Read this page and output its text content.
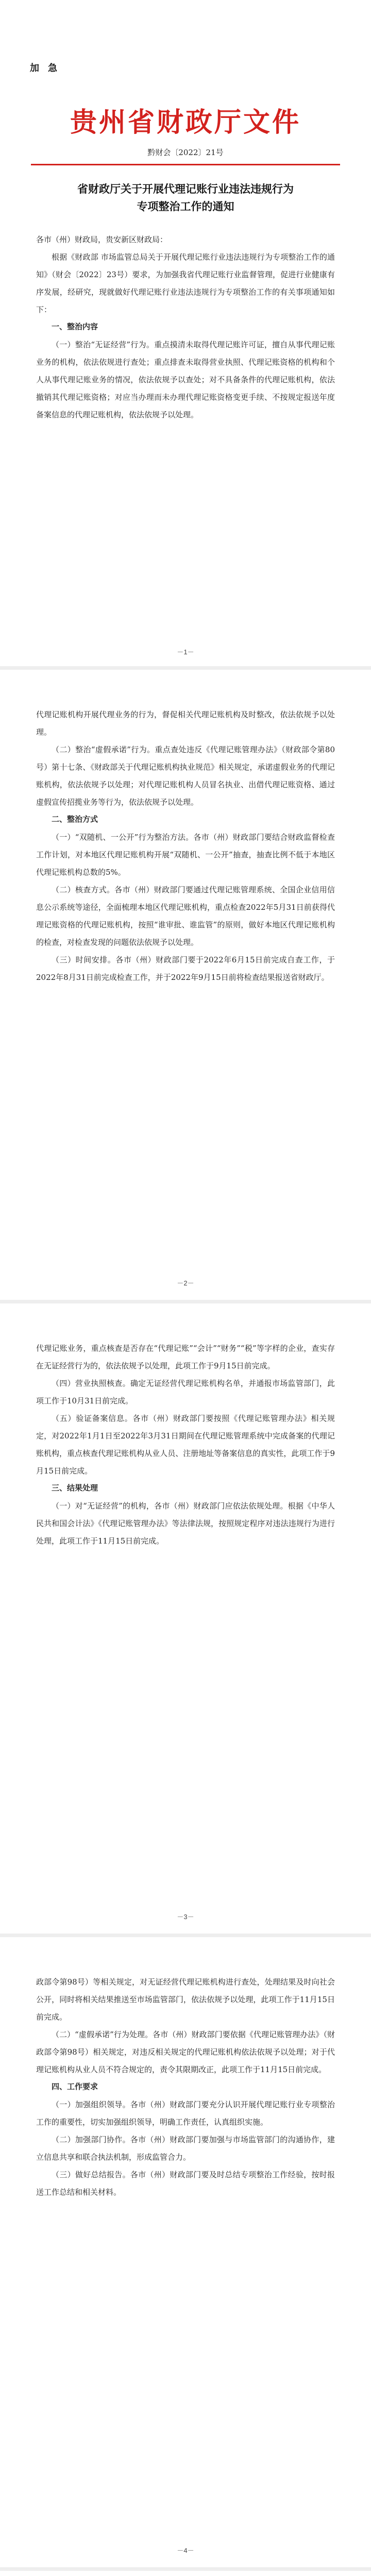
加 急
贵州省财政厅文件
黔财会〔2022〕21号
省财政厅关于开展代理记账行业违法违规行为
专项整治工作的通知

各市（州）财政局，贵安新区财政局：

根据《财政部 市场监管总局关于开展代理记账行业违法违规行为专项整治工作的通知》（财会〔2022〕23号）要求，为加强我省代理记账行业监督管理，促进行业健康有序发展，经研究，现就做好代理记账行业违法违规行为专项整治工作的有关事项通知如下：

一、整治内容

（一）整治“无证经营”行为。重点摸清未取得代理记账许可证，擅自从事代理记账业务的机构，依法依规进行查处；重点排查未取得营业执照、代理记账资格的机构和个人从事代理记账业务的情况，依法依规予以查处；对不具备条件的代理记账机构，依法撤销其代理记账资格；对应当办理而未办理代理记账资格变更手续、不按规定报送年度备案信息的代理记账机构，依法依规予以处理。

－1－

代理记账机构开展代理业务的行为，督促相关代理记账机构及时整改，依法依规予以处理。

（二）整治“虚假承诺”行为。重点查处违反《代理记账管理办法》（财政部令第80号）第十七条、《财政部关于代理记账机构执业规范》相关规定，承诺虚假业务的代理记账机构，依法依规予以处理；对代理记账机构人员冒名执业、出借代理记账资格、通过虚假宣传招揽业务等行为，依法依规予以处理。

二、整治方式

（一）“双随机、一公开”行为整治方法。各市（州）财政部门要结合财政监督检查工作计划，对本地区代理记账机构开展“双随机、一公开”抽查，抽查比例不低于本地区代理记账机构总数的5%。

（二）核查方式。各市（州）财政部门要通过代理记账管理系统、全国企业信用信息公示系统等途径，全面梳理本地区代理记账机构，重点检查2022年5月31日前获得代理记账资格的代理记账机构，按照“谁审批、谁监管”的原则，做好本地区代理记账机构的检查，对检查发现的问题依法依规予以处理。

（三）时间安排。各市（州）财政部门要于2022年6月15日前完成自查工作，于2022年8月31日前完成检查工作，并于2022年9月15日前将检查结果报送省财政厅。

－2－

代理记账业务，重点核查是否存在“代理记账”“会计”“财务”“税”等字样的企业，查实存在无证经营行为的，依法依规予以处理，此项工作于9月15日前完成。

（四）营业执照核查。确定无证经营代理记账机构名单，并通报市场监管部门，此项工作于10月31日前完成。

（五）验证备案信息。各市（州）财政部门要按照《代理记账管理办法》相关规定，对2022年1月1日至2022年3月31日期间在代理记账管理系统中完成备案的代理记账机构，重点核查代理记账机构从业人员、注册地址等备案信息的真实性，此项工作于9月15日前完成。

三、结果处理

（一）对“无证经营”的机构，各市（州）财政部门应依法依规处理。根据《中华人民共和国会计法》《代理记账管理办法》等法律法规，按照规定程序对违法违规行为进行处理，此项工作于11月15日前完成。

－3－

政部令第98号）等相关规定，对无证经营代理记账机构进行查处，处理结果及时向社会公开，同时将相关结果推送至市场监管部门，依法依规予以处理，此项工作于11月15日前完成。

（二）“虚假承诺”行为处理。各市（州）财政部门要依据《代理记账管理办法》（财政部令第98号）相关规定，对违反相关规定的代理记账机构依法依规予以处理；对于代理记账机构从业人员不符合规定的，责令其限期改正，此项工作于11月15日前完成。

四、工作要求

（一）加强组织领导。各市（州）财政部门要充分认识开展代理记账行业专项整治工作的重要性，切实加强组织领导，明确工作责任，认真组织实施。

（二）加强部门协作。各市（州）财政部门要加强与市场监管部门的沟通协作，建立信息共享和联合执法机制，形成监管合力。

（三）做好总结报告。各市（州）财政部门要及时总结专项整治工作经验，按时报送工作总结和相关材料。

－4－
